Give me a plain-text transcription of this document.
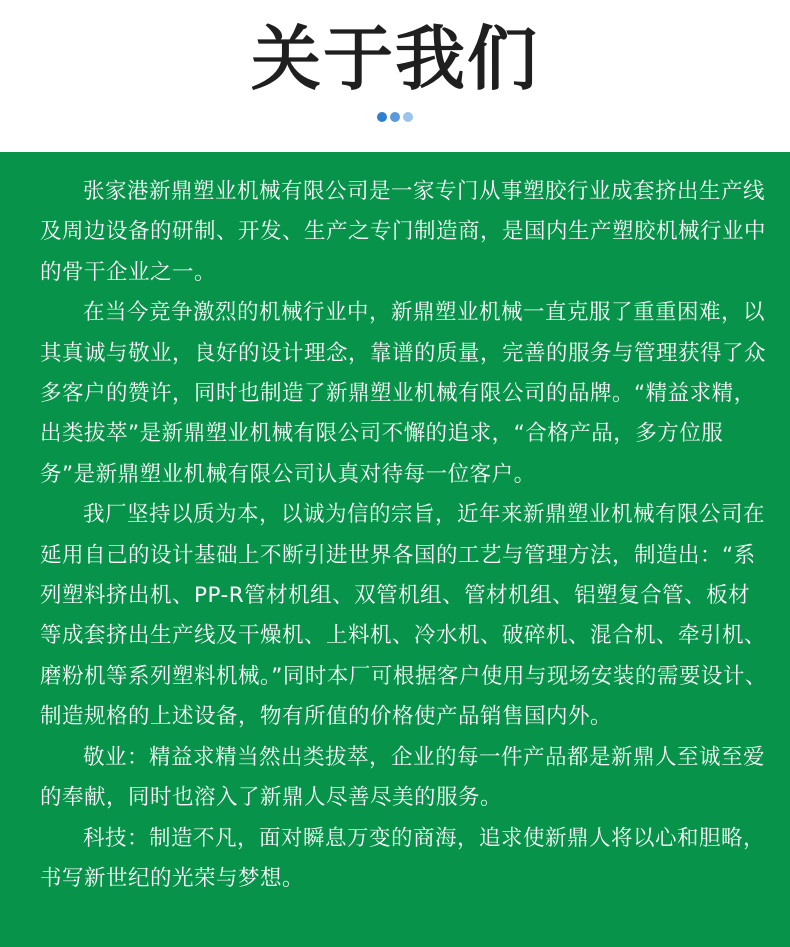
关于我们

张家港新鼎塑业机械有限公司是一家专门从事塑胶行业成套挤出生产线及周边设备的研制、开发、生产之专门制造商，是国内生产塑胶机械行业中的骨干企业之一。

在当今竞争激烈的机械行业中，新鼎塑业机械一直克服了重重困难，以其真诚与敬业，良好的设计理念，靠谱的质量，完善的服务与管理获得了众多客户的赞许，同时也制造了新鼎塑业机械有限公司的品牌。“精益求精，出类拔萃”是新鼎塑业机械有限公司不懈的追求，“合格产品，多方位服务”是新鼎塑业机械有限公司认真对待每一位客户。

我厂坚持以质为本，以诚为信的宗旨，近年来新鼎塑业机械有限公司在延用自己的设计基础上不断引进世界各国的工艺与管理方法，制造出：“系列塑料挤出机、PP-R管材机组、双管机组、管材机组、铝塑复合管、板材等成套挤出生产线及干燥机、上料机、冷水机、破碎机、混合机、牵引机、磨粉机等系列塑料机械。”同时本厂可根据客户使用与现场安装的需要设计、制造规格的上述设备，物有所值的价格使产品销售国内外。

敬业：精益求精当然出类拔萃，企业的每一件产品都是新鼎人至诚至爱的奉献，同时也溶入了新鼎人尽善尽美的服务。

科技：制造不凡，面对瞬息万变的商海，追求使新鼎人将以心和胆略，书写新世纪的光荣与梦想。
